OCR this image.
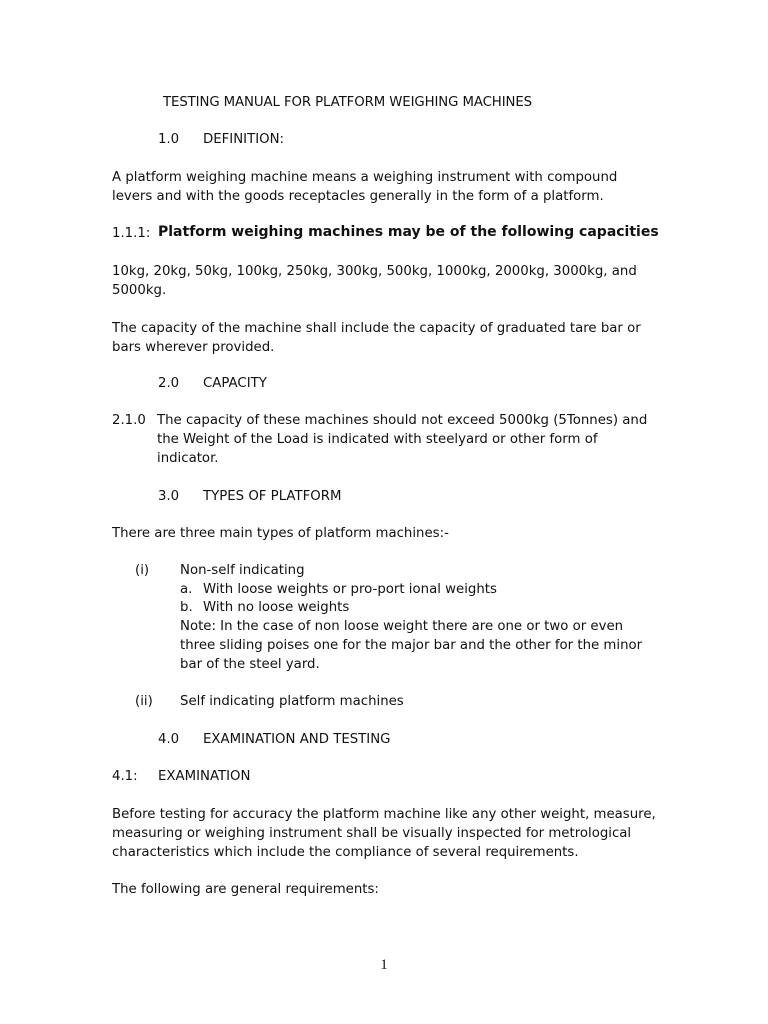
TESTING MANUAL FOR PLATFORM WEIGHING MACHINES
1.0 DEFINITION:
A platform weighing machine means a weighing instrument with compound
levers and with the goods receptacles generally in the form of a platform.
1.1.1: Platform weighing machines may be of the following capacities
10kg, 20kg, 50kg, 100kg, 250kg, 300kg, 500kg, 1000kg, 2000kg, 3000kg, and
5000kg.
The capacity of the machine shall include the capacity of graduated tare bar or
bars wherever provided.
2.0 CAPACITY
2.1.0 The capacity of these machines should not exceed 5000kg (5Tonnes) and
the Weight of the Load is indicated with steelyard or other form of
indicator.
3.0 TYPES OF PLATFORM
There are three main types of platform machines:-
(i) Non-self indicating
a. With loose weights or pro-port ional weights
b. With no loose weights
Note: In the case of non loose weight there are one or two or even
three sliding poises one for the major bar and the other for the minor
bar of the steel yard.
(ii) Self indicating platform machines
4.0 EXAMINATION AND TESTING
4.1: EXAMINATION
Before testing for accuracy the platform machine like any other weight, measure,
measuring or weighing instrument shall be visually inspected for metrological
characteristics which include the compliance of several requirements.
The following are general requirements:
1
